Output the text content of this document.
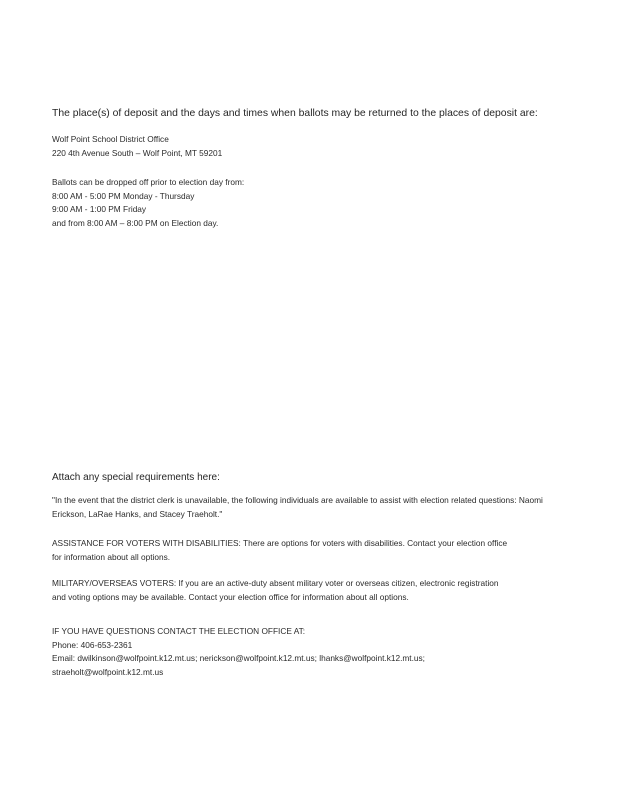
The place(s) of deposit and the days and times when ballots may be returned to the places of deposit are:
Wolf Point School District Office
220 4th Avenue South – Wolf Point, MT 59201
Ballots can be dropped off prior to election day from:
8:00 AM - 5:00 PM Monday - Thursday
9:00 AM - 1:00 PM Friday
and from 8:00 AM – 8:00 PM on Election day.
Attach any special requirements here:
"In the event that the district clerk is unavailable, the following individuals are available to assist with election related questions: Naomi Erickson, LaRae Hanks, and Stacey Traeholt."
ASSISTANCE FOR VOTERS WITH DISABILITIES: There are options for voters with disabilities. Contact your election office
for information about all options.
MILITARY/OVERSEAS VOTERS: If you are an active-duty absent military voter or overseas citizen, electronic registration
and voting options may be available. Contact your election office for information about all options.
IF YOU HAVE QUESTIONS CONTACT THE ELECTION OFFICE AT:
Phone: 406-653-2361
Email: dwilkinson@wolfpoint.k12.mt.us; nerickson@wolfpoint.k12.mt.us; lhanks@wolfpoint.k12.mt.us;
straeholt@wolfpoint.k12.mt.us
